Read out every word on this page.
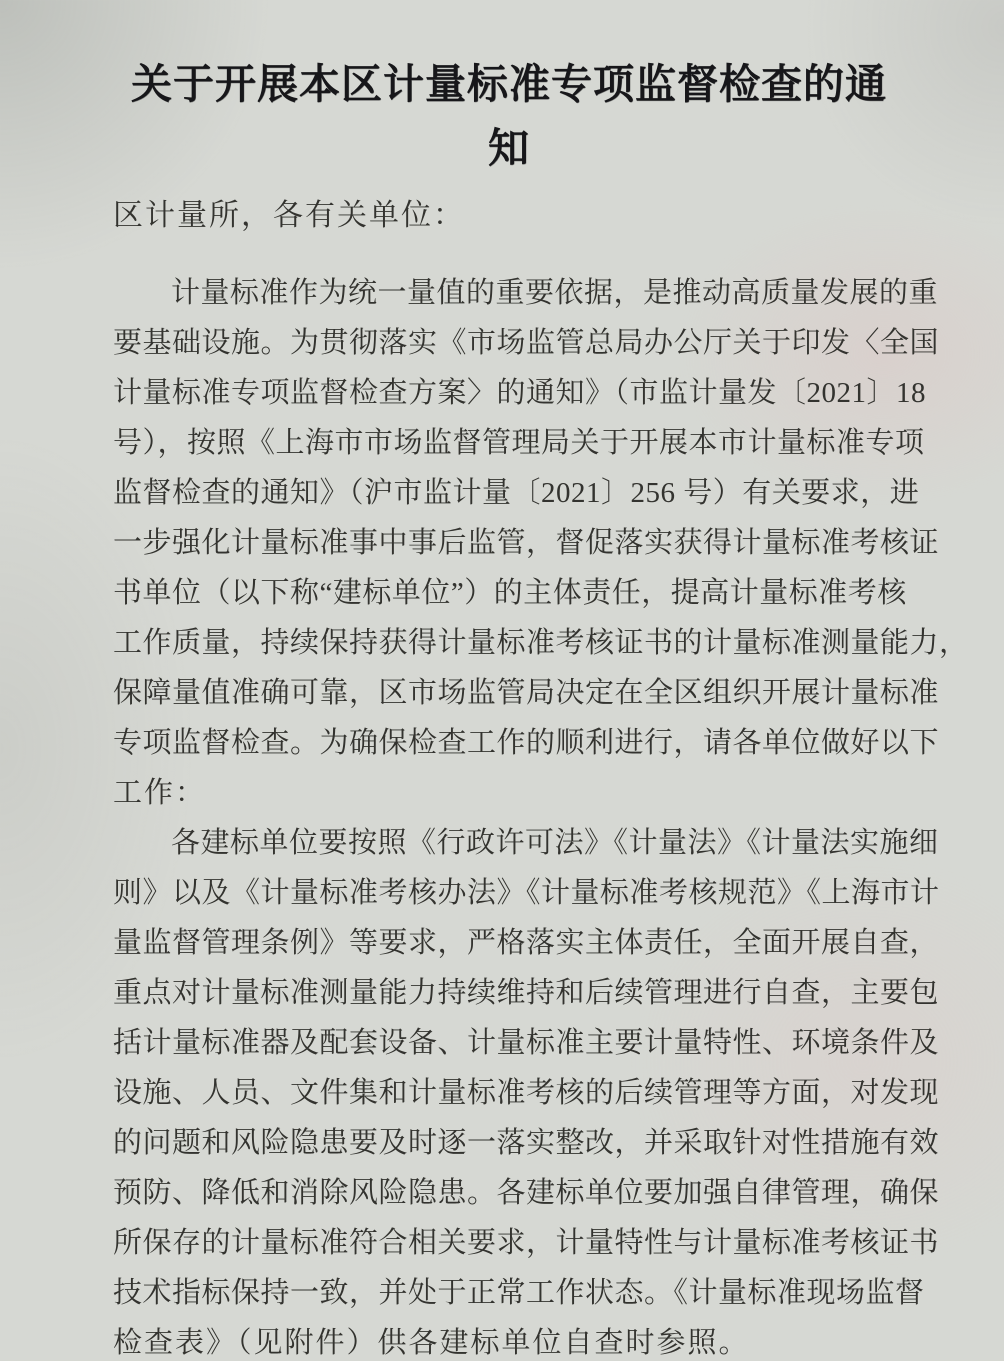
关于开展本区计量标准专项监督检查的通知

区计量所，各有关单位：

计量标准作为统一量值的重要依据，是推动高质量发展的重
要基础设施。为贯彻落实《市场监管总局办公厅关于印发〈全国
计量标准专项监督检查方案〉的通知》（市监计量发〔2021〕18
号），按照《上海市市场监督管理局关于开展本市计量标准专项
监督检查的通知》（沪市监计量〔2021〕256 号）有关要求，进
一步强化计量标准事中事后监管，督促落实获得计量标准考核证
书单位（以下称“建标单位”）的主体责任，提高计量标准考核
工作质量，持续保持获得计量标准考核证书的计量标准测量能力，
保障量值准确可靠，区市场监管局决定在全区组织开展计量标准
专项监督检查。为确保检查工作的顺利进行，请各单位做好以下
工作：
各建标单位要按照《行政许可法》《计量法》《计量法实施细
则》以及《计量标准考核办法》《计量标准考核规范》《上海市计
量监督管理条例》等要求，严格落实主体责任，全面开展自查，
重点对计量标准测量能力持续维持和后续管理进行自查，主要包
括计量标准器及配套设备、计量标准主要计量特性、环境条件及
设施、人员、文件集和计量标准考核的后续管理等方面，对发现
的问题和风险隐患要及时逐一落实整改，并采取针对性措施有效
预防、降低和消除风险隐患。各建标单位要加强自律管理，确保
所保存的计量标准符合相关要求，计量特性与计量标准考核证书
技术指标保持一致，并处于正常工作状态。《计量标准现场监督
检查表》（见附件）供各建标单位自查时参照。
